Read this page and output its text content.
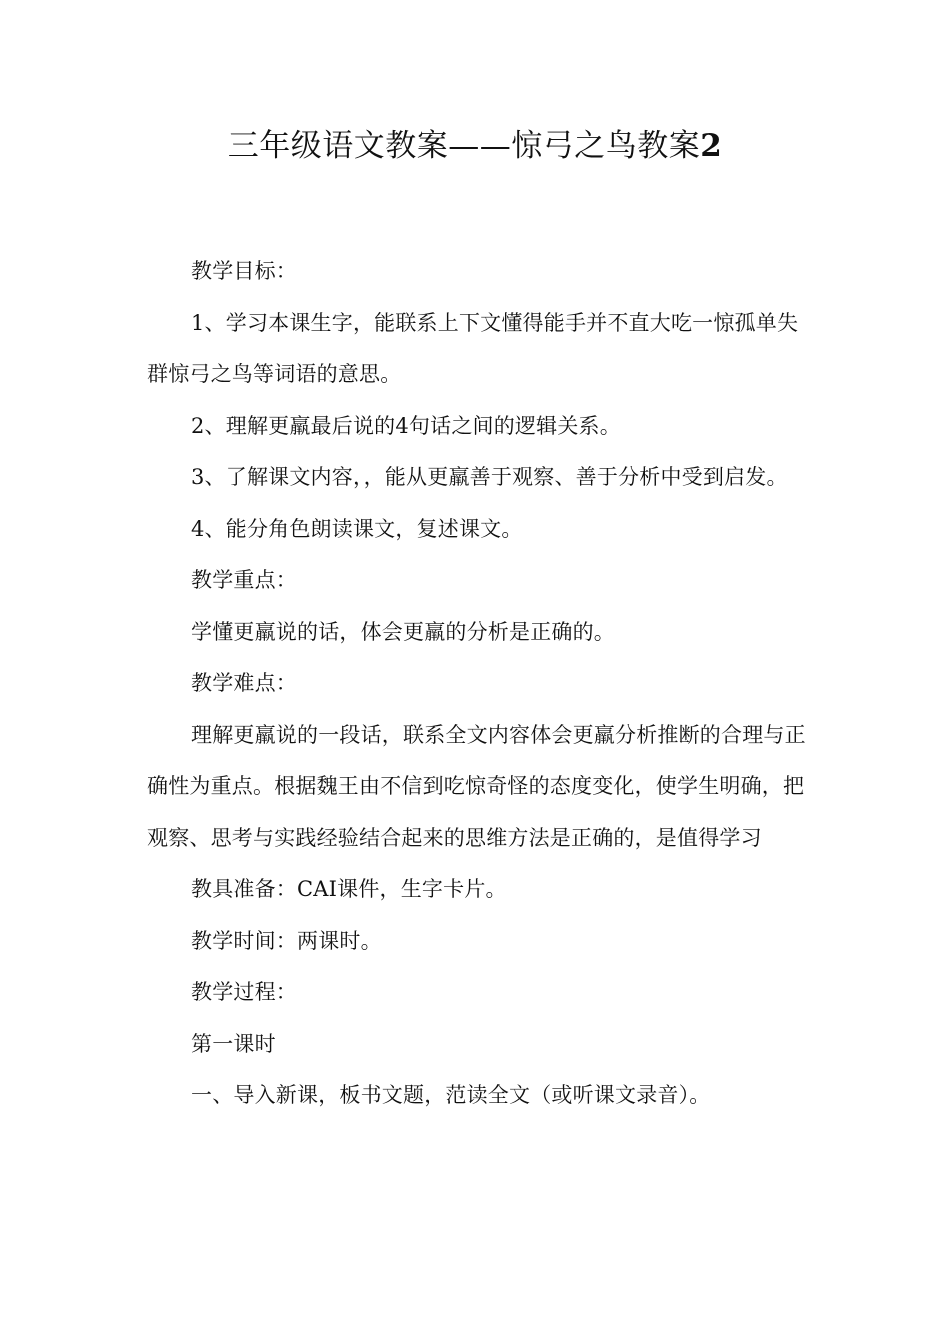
三年级语文教案——惊弓之鸟教案2

教学目标：

1、学习本课生字，能联系上下文懂得能手并不直大吃一惊孤单失群惊弓之鸟等词语的意思。

2、理解更羸最后说的4句话之间的逻辑关系。

3、了解课文内容，，能从更羸善于观察、善于分析中受到启发。

4、能分角色朗读课文，复述课文。

教学重点：

学懂更羸说的话，体会更羸的分析是正确的。

教学难点：

理解更羸说的一段话，联系全文内容体会更羸分析推断的合理与正确性为重点。根据魏王由不信到吃惊奇怪的态度变化，使学生明确，把观察、思考与实践经验结合起来的思维方法是正确的，是值得学习

教具准备：CAI课件，生字卡片。

教学时间：两课时。

教学过程：

第一课时

一、导入新课，板书文题，范读全文（或听课文录音）。
